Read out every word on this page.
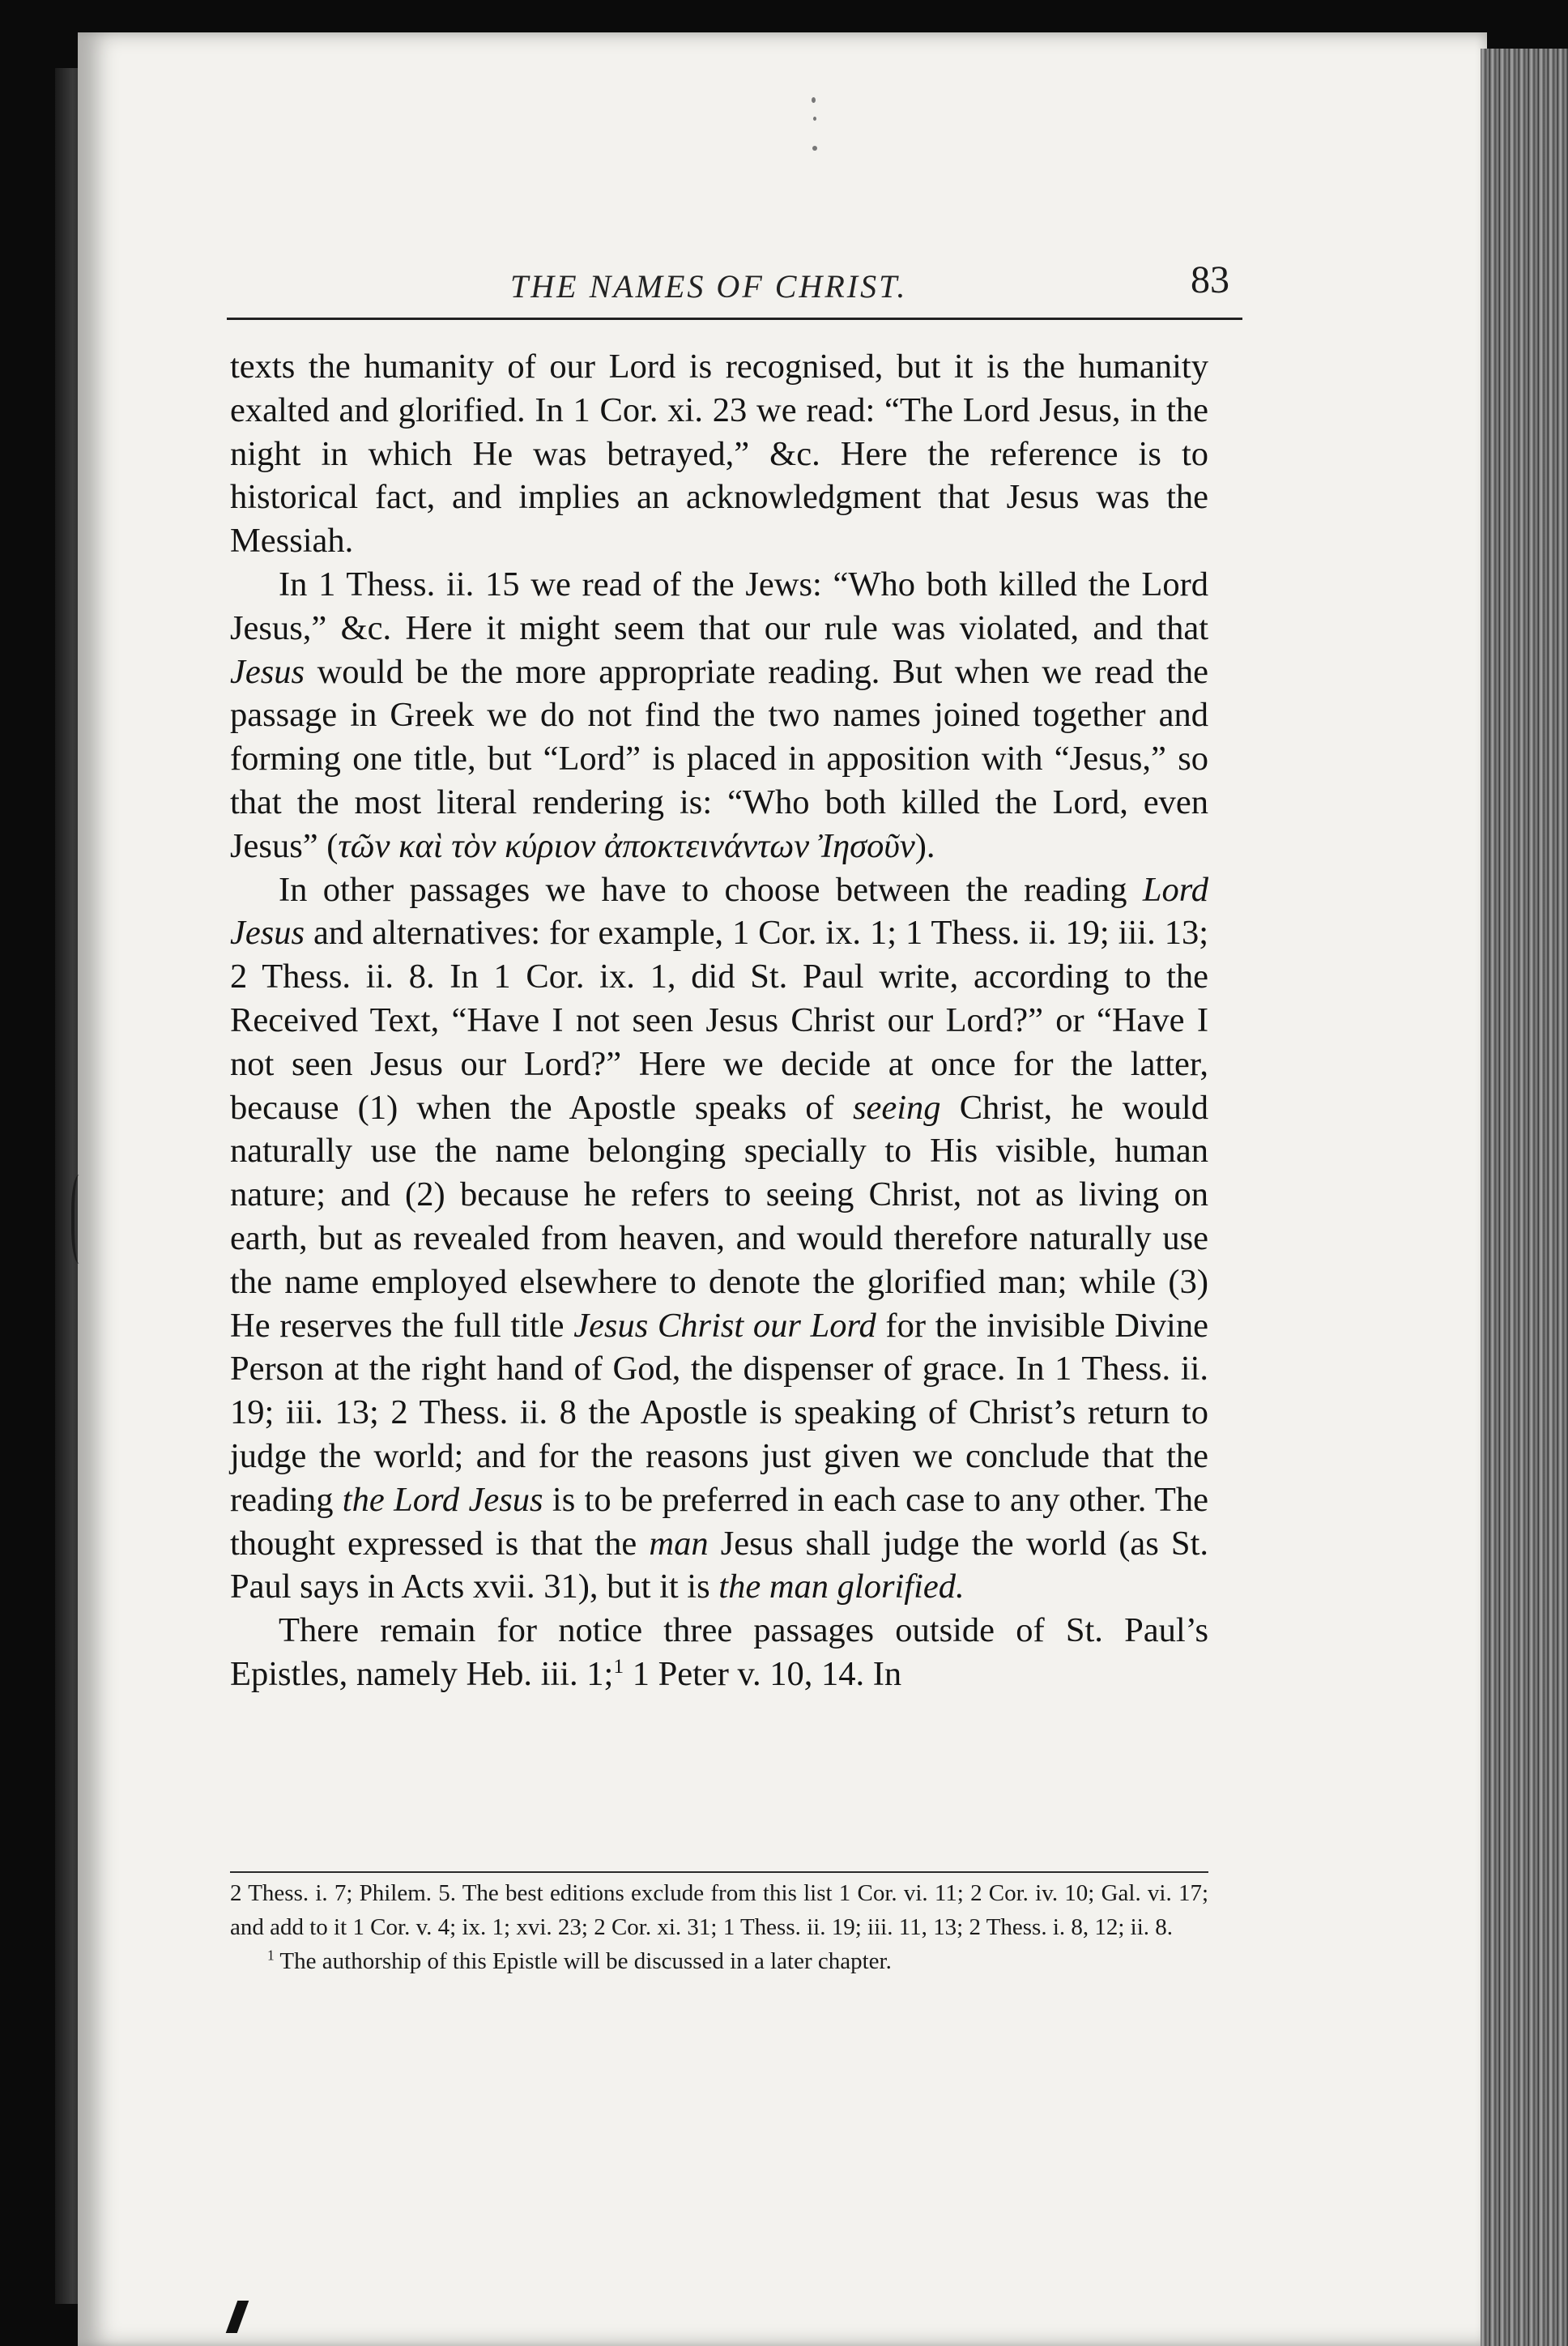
THE NAMES OF CHRIST.	83

texts the humanity of our Lord is recognised, but it is the humanity exalted and glorified. In 1 Cor. xi. 23 we read: “The Lord Jesus, in the night in which He was betrayed,” &c. Here the reference is to historical fact, and implies an acknowledgment that Jesus was the Messiah.

In 1 Thess. ii. 15 we read of the Jews: “Who both killed the Lord Jesus,” &c. Here it might seem that our rule was violated, and that Jesus would be the more appropriate reading. But when we read the passage in Greek we do not find the two names joined together and forming one title, but “Lord” is placed in apposition with “Jesus,” so that the most literal rendering is: “Who both killed the Lord, even Jesus” (τῶν καὶ τὸν κύριον ἀποκτεινάντων Ἰησοῦν).

In other passages we have to choose between the reading Lord Jesus and alternatives: for example, 1 Cor. ix. 1; 1 Thess. ii. 19; iii. 13; 2 Thess. ii. 8. In 1 Cor. ix. 1, did St. Paul write, according to the Received Text, “Have I not seen Jesus Christ our Lord?” or “Have I not seen Jesus our Lord?” Here we decide at once for the latter, because (1) when the Apostle speaks of seeing Christ, he would naturally use the name belonging specially to His visible, human nature; and (2) because he refers to seeing Christ, not as living on earth, but as revealed from heaven, and would therefore naturally use the name employed elsewhere to denote the glorified man; while (3) He reserves the full title Jesus Christ our Lord for the invisible Divine Person at the right hand of God, the dispenser of grace. In 1 Thess. ii. 19; iii. 13; 2 Thess. ii. 8 the Apostle is speaking of Christ’s return to judge the world; and for the reasons just given we conclude that the reading the Lord Jesus is to be preferred in each case to any other. The thought expressed is that the man Jesus shall judge the world (as St. Paul says in Acts xvii. 31), but it is the man glorified.

There remain for notice three passages outside of St. Paul’s Epistles, namely Heb. iii. 1;$^1$ 1 Peter v. 10, 14. In

2 Thess. i. 7; Philem. 5. The best editions exclude from this list 1 Cor. vi. 11; 2 Cor. iv. 10; Gal. vi. 17; and add to it 1 Cor. v. 4; ix. 1; xvi. 23; 2 Cor. xi. 31; 1 Thess. ii. 19; iii. 11, 13; 2 Thess. i. 8, 12; ii. 8.

$^1$ The authorship of this Epistle will be discussed in a later chapter.
